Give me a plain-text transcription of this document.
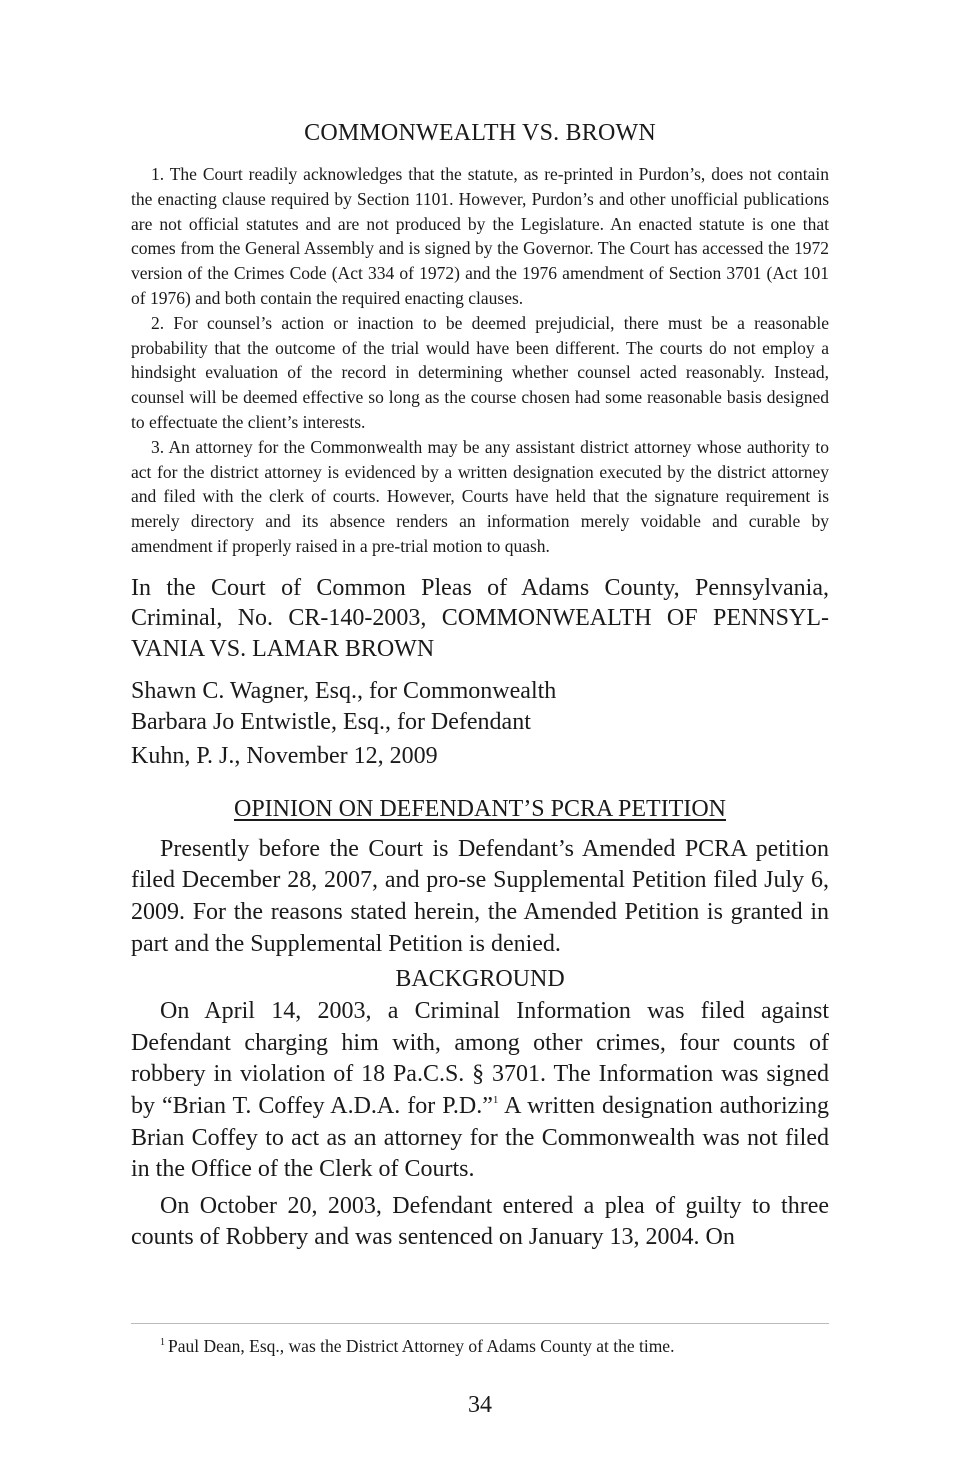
COMMONWEALTH VS. BROWN

1. The Court readily acknowledges that the statute, as re-printed in Purdon’s, does not contain the enacting clause required by Section 1101. However, Purdon’s and other unofficial publications are not official statutes and are not produced by the Legislature. An enacted statute is one that comes from the General Assembly and is signed by the Governor. The Court has accessed the 1972 version of the Crimes Code (Act 334 of 1972) and the 1976 amendment of Section 3701 (Act 101 of 1976) and both contain the required enacting clauses.

2. For counsel’s action or inaction to be deemed prejudicial, there must be a reasonable probability that the outcome of the trial would have been different. The courts do not employ a hindsight evaluation of the record in determining whether counsel acted reasonably. Instead, counsel will be deemed effective so long as the course chosen had some reasonable basis designed to effectuate the client’s interests.

3. An attorney for the Commonwealth may be any assistant district attorney whose authority to act for the district attorney is evidenced by a written designation executed by the district attorney and filed with the clerk of courts. However, Courts have held that the signature requirement is merely directory and its absence renders an information merely voidable and curable by amendment if properly raised in a pre-trial motion to quash.

In the Court of Common Pleas of Adams County, Pennsylvania, Criminal, No. CR-140-2003, COMMONWEALTH OF PENNSYLVANIA VS. LAMAR BROWN

Shawn C. Wagner, Esq., for Commonwealth

Barbara Jo Entwistle, Esq., for Defendant

Kuhn, P. J., November 12, 2009

OPINION ON DEFENDANT’S PCRA PETITION

Presently before the Court is Defendant’s Amended PCRA petition filed December 28, 2007, and pro-se Supplemental Petition filed July 6, 2009. For the reasons stated herein, the Amended Petition is granted in part and the Supplemental Petition is denied.

BACKGROUND

On April 14, 2003, a Criminal Information was filed against Defendant charging him with, among other crimes, four counts of robbery in violation of 18 Pa.C.S. § 3701. The Information was signed by “Brian T. Coffey A.D.A. for P.D.”$^1$ A written designation authorizing Brian Coffey to act as an attorney for the Commonwealth was not filed in the Office of the Clerk of Courts.

On October 20, 2003, Defendant entered a plea of guilty to three counts of Robbery and was sentenced on January 13, 2004. On

$^1$ Paul Dean, Esq., was the District Attorney of Adams County at the time.
34
